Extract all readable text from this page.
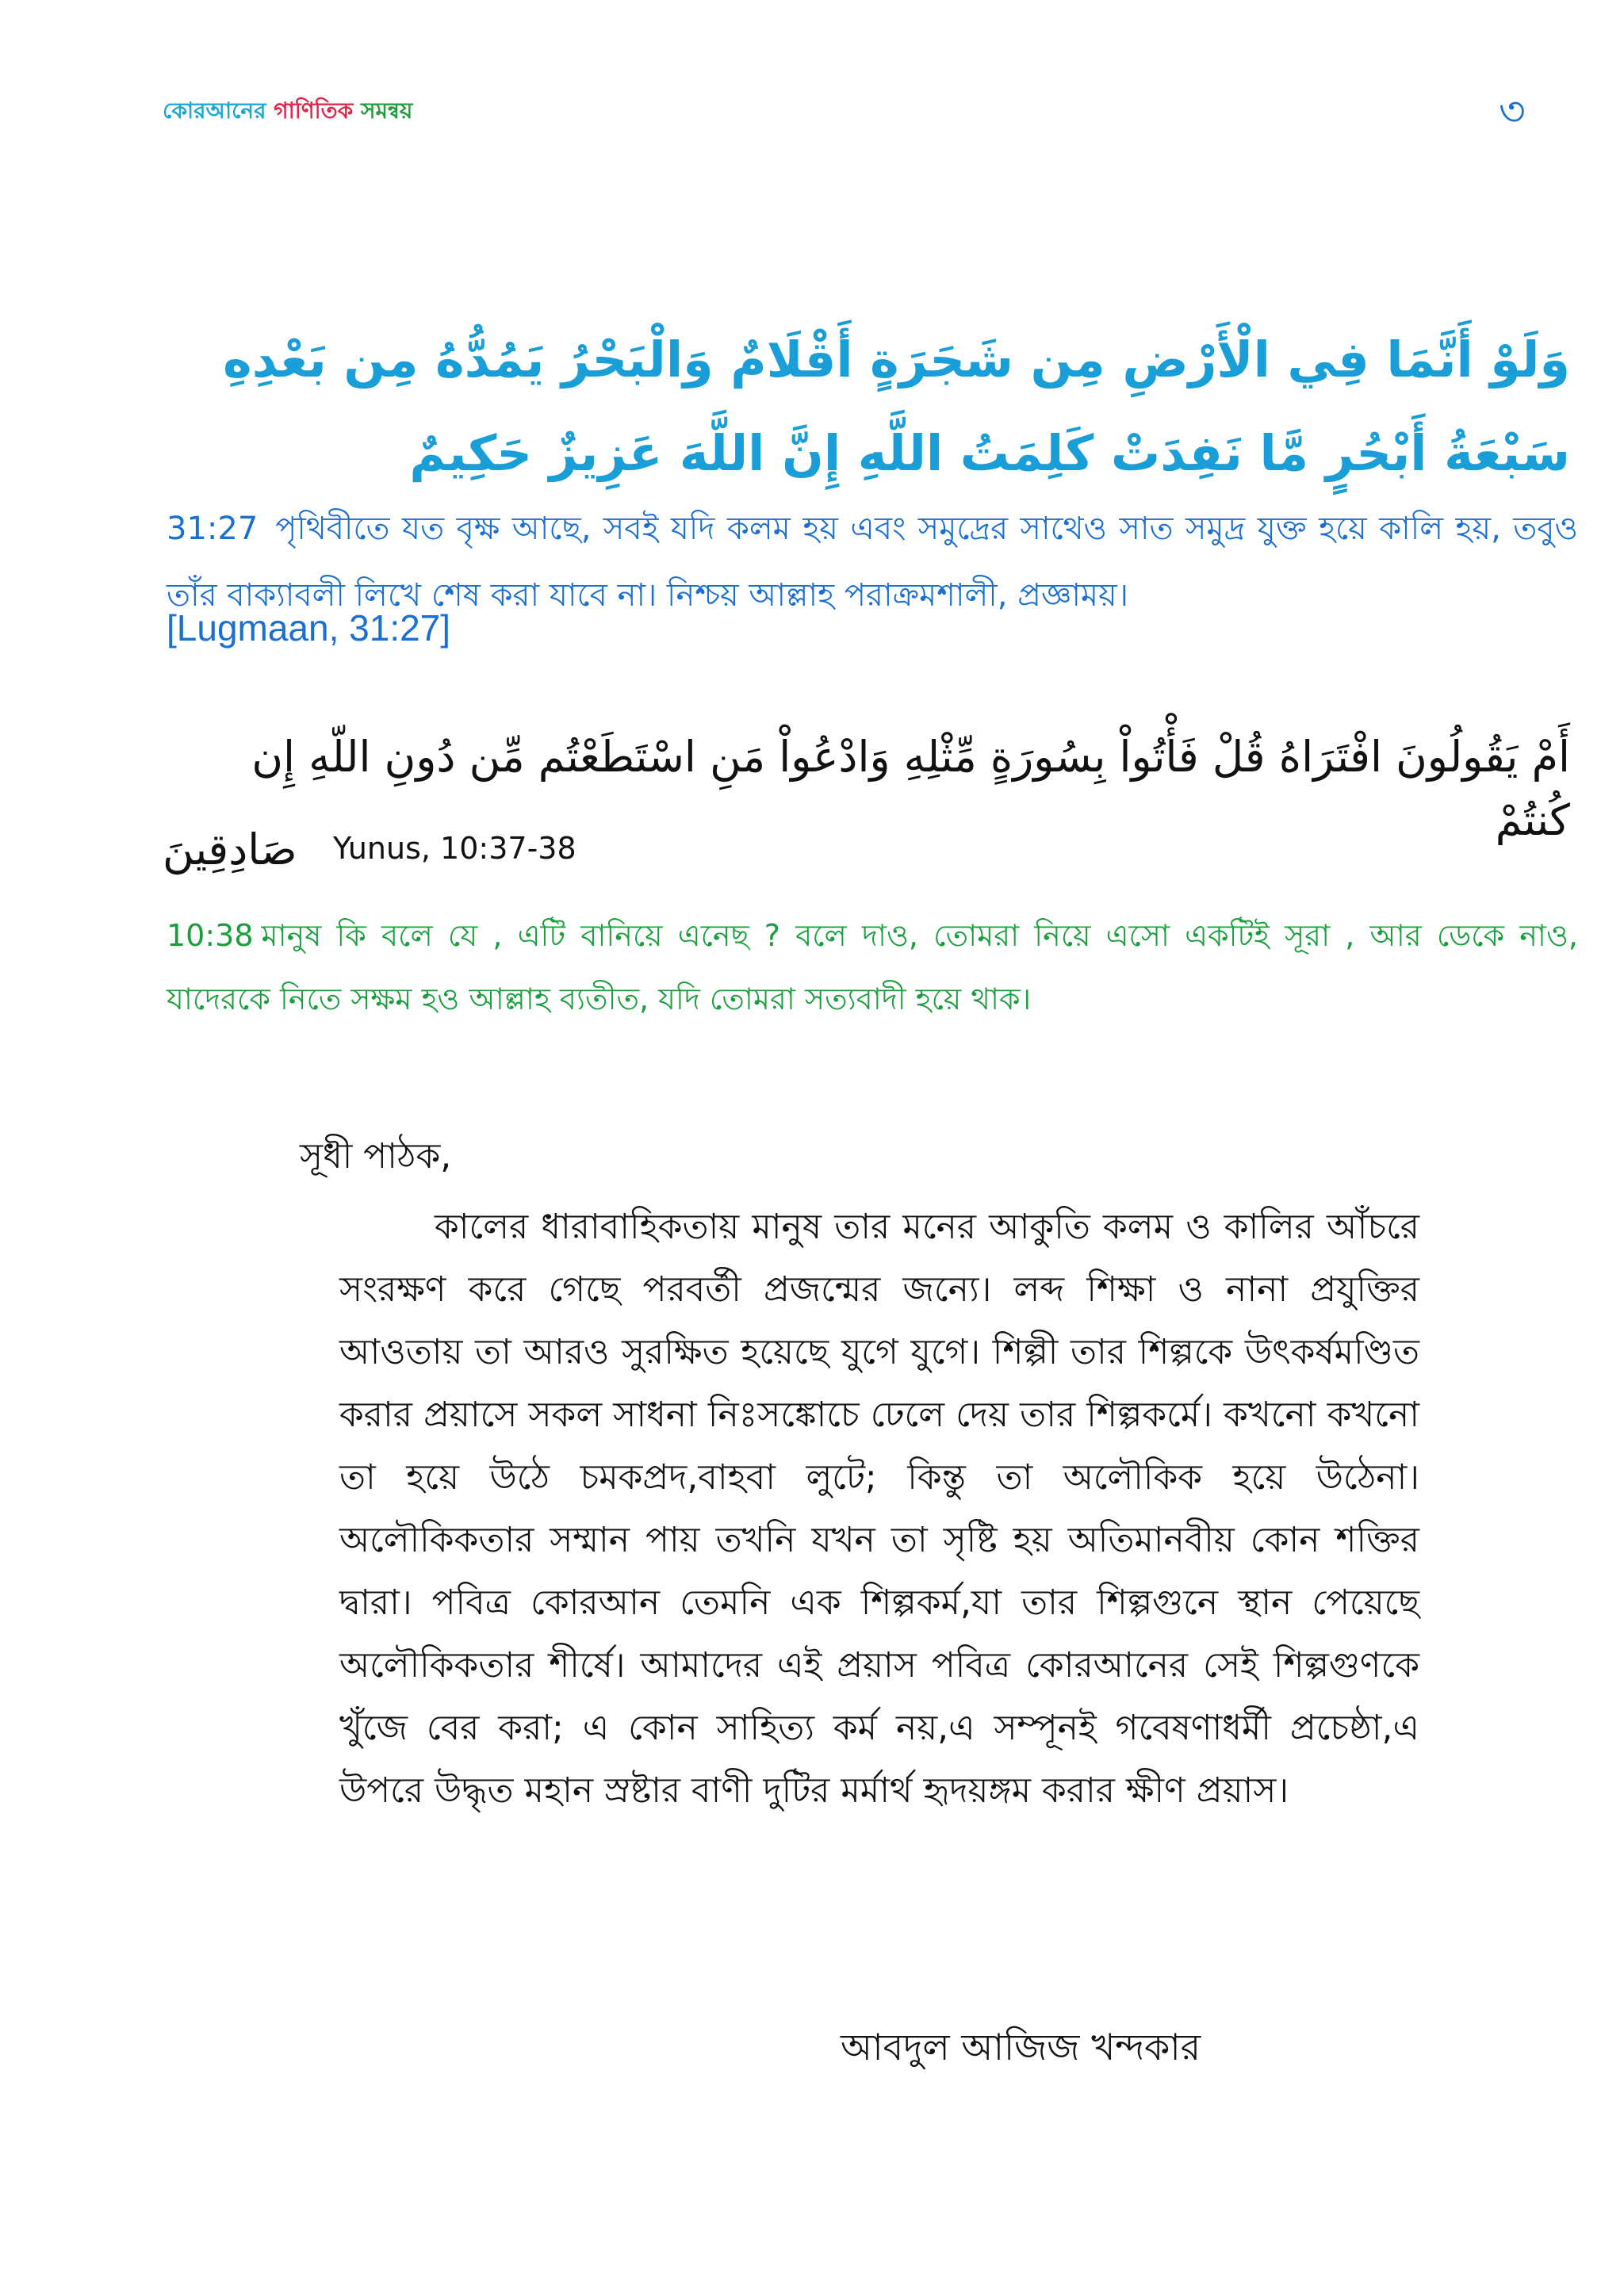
কোরআনের গাণিতিক সমন্বয়	৩
وَلَوْ أَنَّمَا فِي الْأَرْضِ مِن شَجَرَةٍ أَقْلَامٌ وَالْبَحْرُ يَمُدُّهُ مِن بَعْدِهِ سَبْعَةُ أَبْحُرٍ مَّا نَفِدَتْ كَلِمَتُ اللَّهِ إِنَّ اللَّهَ عَزِيزٌ حَكِيمٌ
31:27 পৃথিবীতে যত বৃক্ষ আছে, সবই যদি কলম হয় এবং সমুদ্রের সাথেও সাত সমুদ্র যুক্ত হয়ে কালি হয়, তবুও তাঁর বাক্যাবলী লিখে শেষ করা যাবে না। নিশ্চয় আল্লাহ পরাক্রমশালী, প্রজ্ঞাময়।
[Lugmaan, 31:27]
أَمْ يَقُولُونَ افْتَرَاهُ قُلْ فَأْتُواْ بِسُورَةٍ مِّثْلِهِ وَادْعُواْ مَنِ اسْتَطَعْتُم مِّن دُونِ اللّهِ إِن كُنتُمْ
صَادِقِينَ Yunus, 10:37-38
10:38 মানুষ কি বলে যে , এটি বানিয়ে এনেছ ? বলে দাও, তোমরা নিয়ে এসো একটিই সূরা , আর ডেকে নাও, যাদেরকে নিতে সক্ষম হও আল্লাহ ব্যতীত, যদি তোমরা সত্যবাদী হয়ে থাক।
সূধী পাঠক,
কালের ধারাবাহিকতায় মানুষ তার মনের আকুতি কলম ও কালির আঁচরে সংরক্ষণ করে গেছে পরবর্তী প্রজন্মের জন্যে। লব্দ শিক্ষা ও নানা প্রযুক্তির আওতায় তা আরও সুরক্ষিত হয়েছে যুগে যুগে। শিল্পী তার শিল্পকে উৎকর্ষমণ্ডিত করার প্রয়াসে সকল সাধনা নিঃসঙ্কোচে ঢেলে দেয় তার শিল্পকর্মে। কখনো কখনো তা হয়ে উঠে চমকপ্রদ,বাহবা লুটে; কিন্তু তা অলৌকিক হয়ে উঠেনা। অলৌকিকতার সম্মান পায় তখনি যখন তা সৃষ্টি হয় অতিমানবীয় কোন শক্তির দ্বারা। পবিত্র কোরআন তেমনি এক শিল্পকর্ম,যা তার শিল্পগুনে স্থান পেয়েছে অলৌকিকতার শীর্ষে। আমাদের এই প্রয়াস পবিত্র কোরআনের সেই শিল্পগুণকে খুঁজে বের করা; এ কোন সাহিত্য কর্ম নয়,এ সম্পূনই গবেষণাধর্মী প্রচেষ্ঠা,এ উপরে উদ্ধৃত মহান স্রষ্টার বাণী দুটির মর্মার্থ হৃদয়ঙ্গম করার ক্ষীণ প্রয়াস।
আবদুল আজিজ খন্দকার
